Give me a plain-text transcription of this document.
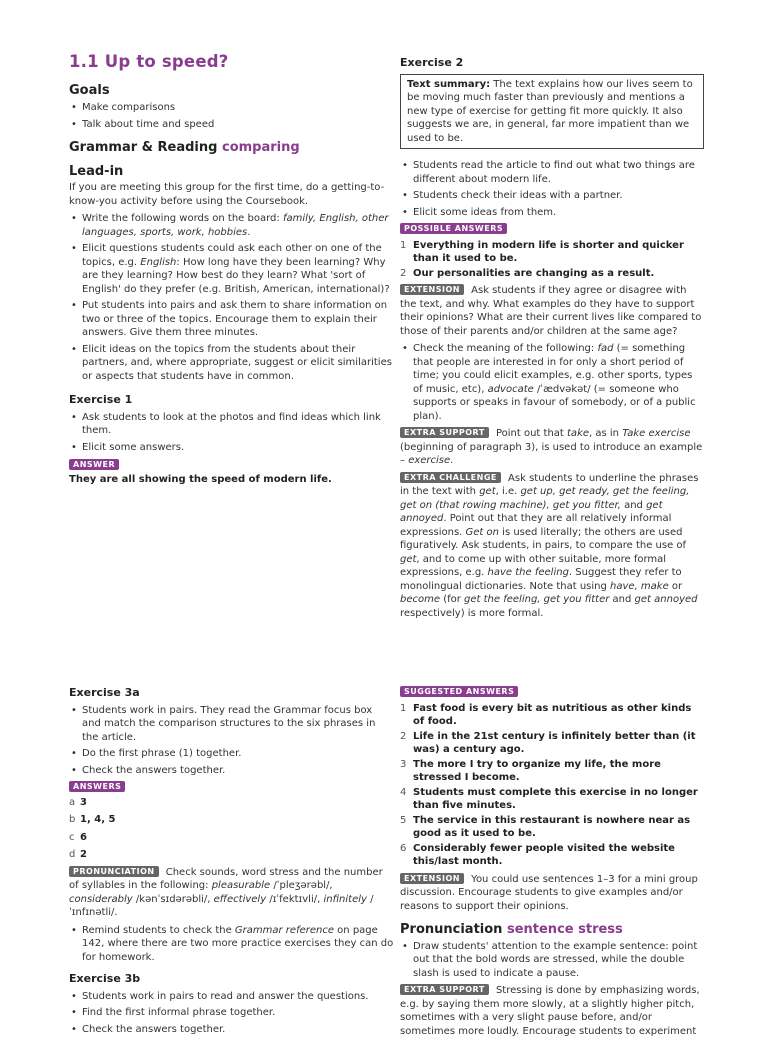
1.1 Up to speed?
Goals
• Make comparisons
• Talk about time and speed
Grammar & Reading comparing
Lead-in

If you are meeting this group for the first time, do a getting-to-know-you activity before using the Coursebook.

• Write the following words on the board: family, English, other languages, sports, work, hobbies.
• Elicit questions students could ask each other on one of the topics, e.g. English: How long have they been learning? Why are they learning? How best do they learn? What 'sort of English' do they prefer (e.g. British, American, international)?
• Put students into pairs and ask them to share information on two or three of the topics. Encourage them to explain their answers. Give them three minutes.
• Elicit ideas on the topics from the students about their partners, and, where appropriate, suggest or elicit similarities or aspects that students have in common.
Exercise 1
• Ask students to look at the photos and find ideas which link them.
• Elicit some answers.
ANSWER
They are all showing the speed of modern life.
Exercise 2
Text summary: The text explains how our lives seem to be moving much faster than previously and mentions a new type of exercise for getting fit more quickly. It also suggests we are, in general, far more impatient than we used to be.
• Students read the article to find out what two things are different about modern life.
• Students check their ideas with a partner.
• Elicit some ideas from them.
POSSIBLE ANSWERS
1 Everything in modern life is shorter and quicker than it used to be.
2 Our personalities are changing as a result.

EXTENSION Ask students if they agree or disagree with the text, and why. What examples do they have to support their opinions? What are their current lives like compared to those of their parents and/or children at the same age?

• Check the meaning of the following: fad (= something that people are interested in for only a short period of time; you could elicit examples, e.g. other sports, types of music, etc), advocate /ˈædvəkət/ (= someone who supports or speaks in favour of somebody, or of a public plan).

EXTRA SUPPORT Point out that take, as in Take exercise (beginning of paragraph 3), is used to introduce an example – exercise.

EXTRA CHALLENGE Ask students to underline the phrases in the text with get, i.e. get up, get ready, get the feeling, get on (that rowing machine), get you fitter, and get annoyed. Point out that they are all relatively informal expressions. Get on is used literally; the others are used figuratively. Ask students, in pairs, to compare the use of get, and to come up with other suitable, more formal expressions, e.g. have the feeling. Suggest they refer to monolingual dictionaries. Note that using have, make or become (for get the feeling, get you fitter and get annoyed respectively) is more formal.

Exercise 3a
• Students work in pairs. They read the Grammar focus box and match the comparison structures to the six phrases in the article.
• Do the first phrase (1) together.
• Check the answers together.
ANSWERS

a 3

b 1, 4, 5

c 6

d 2

PRONUNCIATION Check sounds, word stress and the number of syllables in the following: pleasurable /ˈpleʒərəbl/, considerably /kənˈsɪdərəbli/, effectively /ɪˈfektɪvli/, infinitely /ˈɪnfɪnətli/.

• Remind students to check the Grammar reference on page 142, where there are two more practice exercises they can do for homework.
Exercise 3b
• Students work in pairs to read and answer the questions.
• Find the first informal phrase together.
• Check the answers together.
SUGGESTED ANSWERS
1 Fast food is every bit as nutritious as other kinds of food.
2 Life in the 21st century is infinitely better than (it was) a century ago.
3 The more I try to organize my life, the more stressed I become.
4 Students must complete this exercise in no longer than five minutes.
5 The service in this restaurant is nowhere near as good as it used to be.
6 Considerably fewer people visited the website this/last month.

EXTENSION You could use sentences 1–3 for a mini group discussion. Encourage students to give examples and/or reasons to support their opinions.

Pronunciation sentence stress
• Draw students' attention to the example sentence: point out that the bold words are stressed, while the double slash is used to indicate a pause.

EXTRA SUPPORT Stressing is done by emphasizing words, e.g. by saying them more slowly, at a slightly higher pitch, sometimes with a very slight pause before, and/or sometimes more loudly. Encourage students to experiment
